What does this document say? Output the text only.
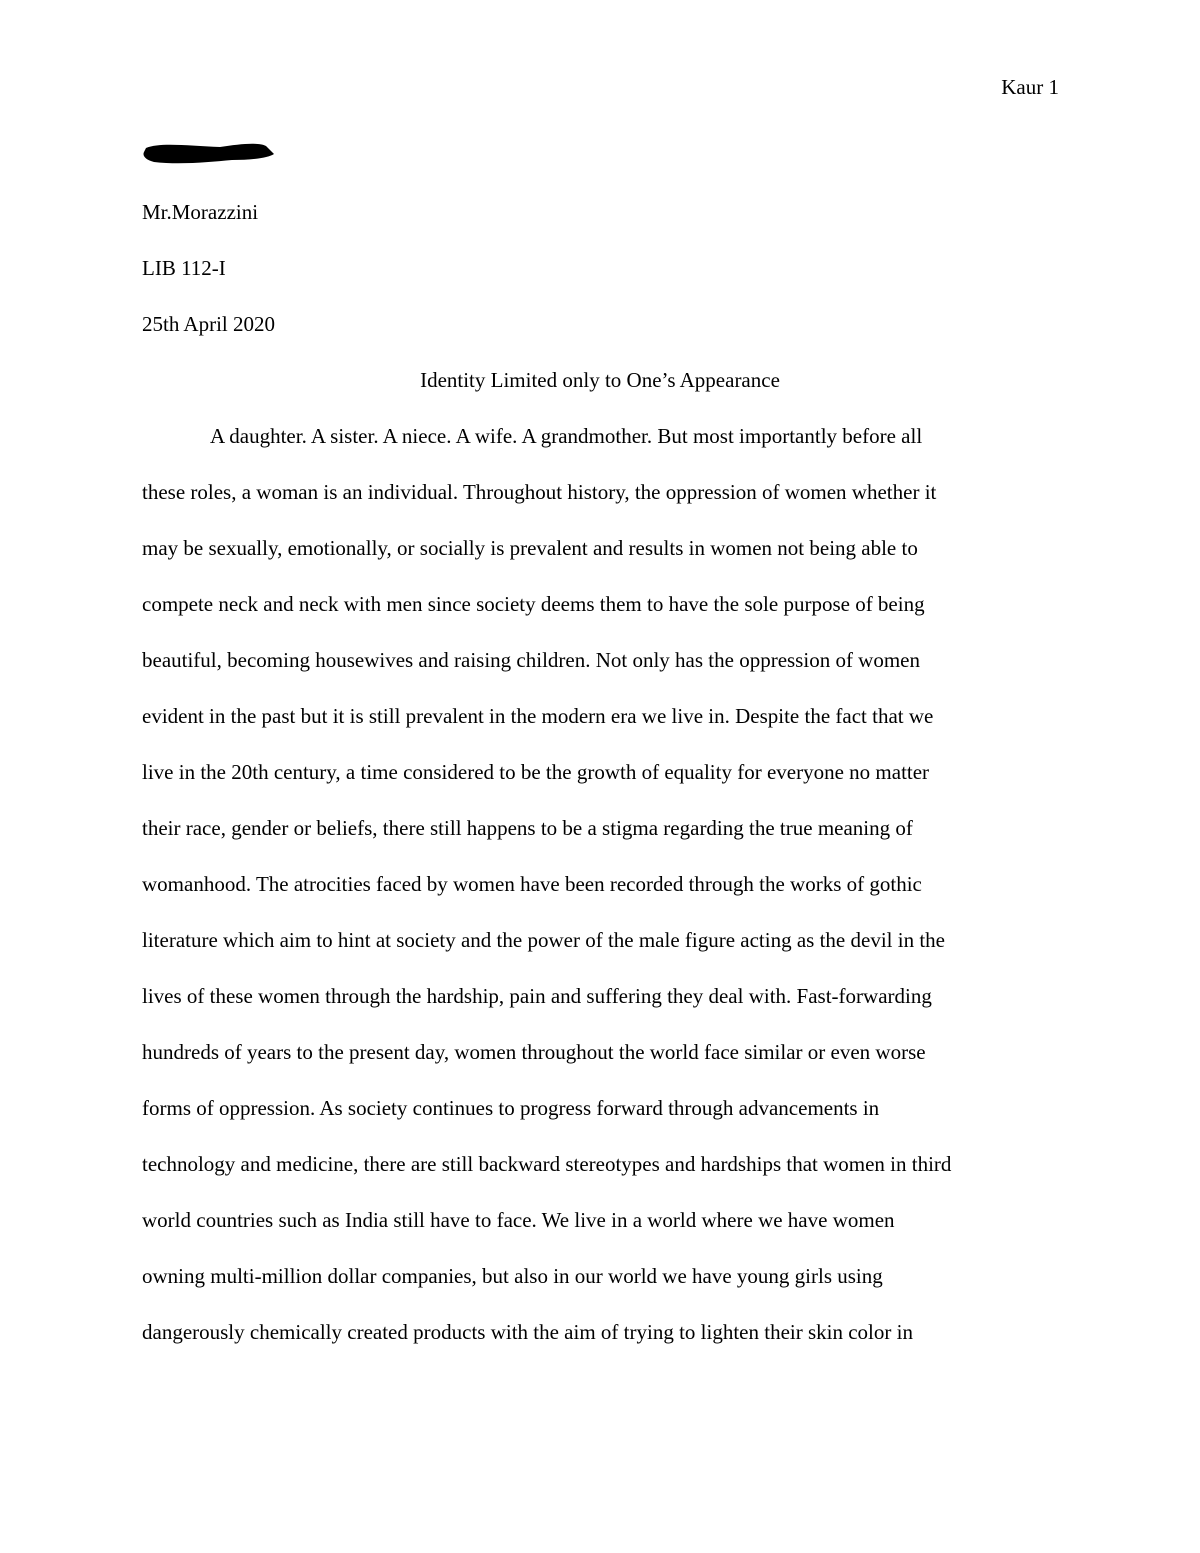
Kaur 1
Mr.Morazzini
LIB 112-I
25th April 2020
Identity Limited only to One’s Appearance
A daughter. A sister. A niece. A wife. A grandmother. But most importantly before all
these roles, a woman is an individual. Throughout history, the oppression of women whether it
may be sexually, emotionally, or socially is prevalent and results in women not being able to
compete neck and neck with men since society deems them to have the sole purpose of being
beautiful, becoming housewives and raising children. Not only has the oppression of women
evident in the past but it is still prevalent in the modern era we live in. Despite the fact that we
live in the 20th century, a time considered to be the growth of equality for everyone no matter
their race, gender or beliefs, there still happens to be a stigma regarding the true meaning of
womanhood. The atrocities faced by women have been recorded through the works of gothic
literature which aim to hint at society and the power of the male figure acting as the devil in the
lives of these women through the hardship, pain and suffering they deal with. Fast-forwarding
hundreds of years to the present day, women throughout the world face similar or even worse
forms of oppression. As society continues to progress forward through advancements in
technology and medicine, there are still backward stereotypes and hardships that women in third
world countries such as India still have to face. We live in a world where we have women
owning multi-million dollar companies, but also in our world we have young girls using
dangerously chemically created products with the aim of trying to lighten their skin color in
